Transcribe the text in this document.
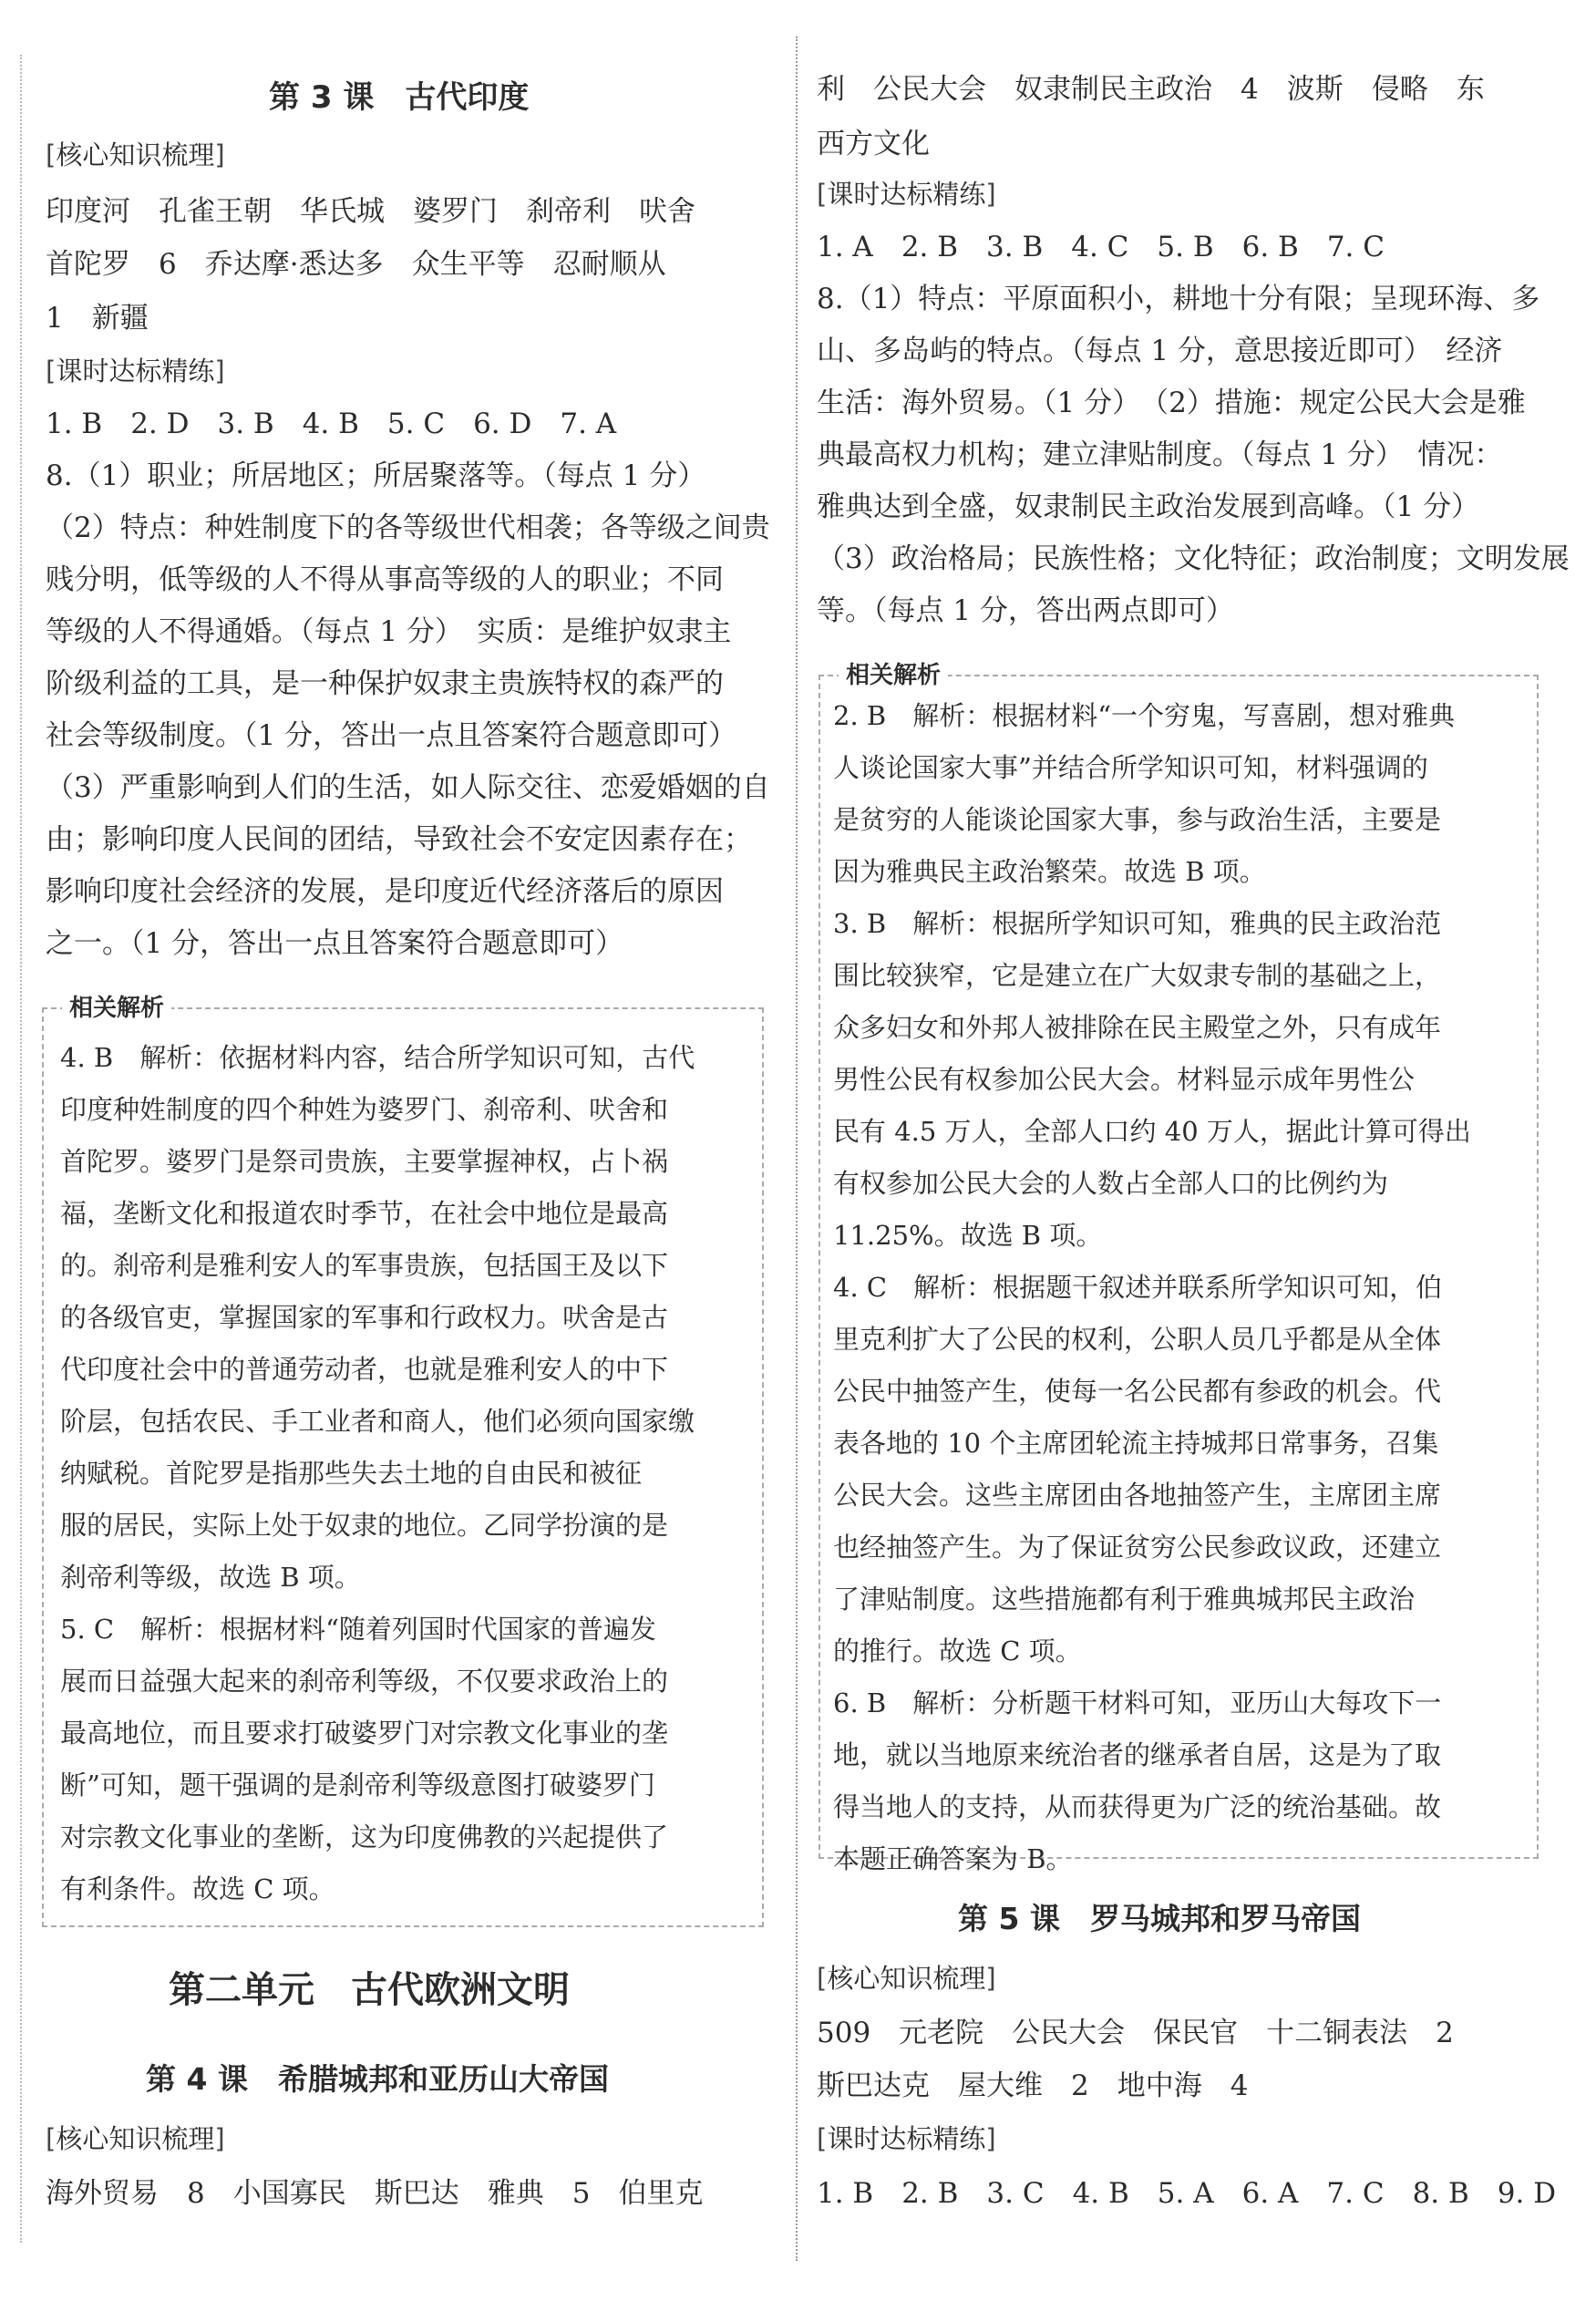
第 3 课　古代印度
[核心知识梳理]
印度河　孔雀王朝　华氏城　婆罗门　刹帝利　吠舍
首陀罗　6　乔达摩·悉达多　众生平等　忍耐顺从
1　新疆
[课时达标精练]
1. B　2. D　3. B　4. B　5. C　6. D　7. A
8.（1）职业；所居地区；所居聚落等。（每点 1 分）
（2）特点：种姓制度下的各等级世代相袭；各等级之间贵
贱分明，低等级的人不得从事高等级的人的职业；不同
等级的人不得通婚。（每点 1 分）　实质：是维护奴隶主
阶级利益的工具，是一种保护奴隶主贵族特权的森严的
社会等级制度。（1 分，答出一点且答案符合题意即可）
（3）严重影响到人们的生活，如人际交往、恋爱婚姻的自
由；影响印度人民间的团结，导致社会不安定因素存在；
影响印度社会经济的发展，是印度近代经济落后的原因
之一。（1 分，答出一点且答案符合题意即可）
相关解析
4. B　解析：依据材料内容，结合所学知识可知，古代
印度种姓制度的四个种姓为婆罗门、刹帝利、吠舍和
首陀罗。婆罗门是祭司贵族，主要掌握神权，占卜祸
福，垄断文化和报道农时季节，在社会中地位是最高
的。刹帝利是雅利安人的军事贵族，包括国王及以下
的各级官吏，掌握国家的军事和行政权力。吠舍是古
代印度社会中的普通劳动者，也就是雅利安人的中下
阶层，包括农民、手工业者和商人，他们必须向国家缴
纳赋税。首陀罗是指那些失去土地的自由民和被征
服的居民，实际上处于奴隶的地位。乙同学扮演的是
刹帝利等级，故选 B 项。
5. C　解析：根据材料“随着列国时代国家的普遍发
展而日益强大起来的刹帝利等级，不仅要求政治上的
最高地位，而且要求打破婆罗门对宗教文化事业的垄
断”可知，题干强调的是刹帝利等级意图打破婆罗门
对宗教文化事业的垄断，这为印度佛教的兴起提供了
有利条件。故选 C 项。
第二单元　古代欧洲文明
第 4 课　希腊城邦和亚历山大帝国
[核心知识梳理]
海外贸易　8　小国寡民　斯巴达　雅典　5　伯里克
利　公民大会　奴隶制民主政治　4　波斯　侵略　东
西方文化
[课时达标精练]
1. A　2. B　3. B　4. C　5. B　6. B　7. C
8.（1）特点：平原面积小，耕地十分有限；呈现环海、多
山、多岛屿的特点。（每点 1 分，意思接近即可）　经济
生活：海外贸易。（1 分）　（2）措施：规定公民大会是雅
典最高权力机构；建立津贴制度。（每点 1 分）　情况：
雅典达到全盛，奴隶制民主政治发展到高峰。（1 分）
（3）政治格局；民族性格；文化特征；政治制度；文明发展
等。（每点 1 分，答出两点即可）
相关解析
2. B　解析：根据材料“一个穷鬼，写喜剧，想对雅典
人谈论国家大事”并结合所学知识可知，材料强调的
是贫穷的人能谈论国家大事，参与政治生活，主要是
因为雅典民主政治繁荣。故选 B 项。
3. B　解析：根据所学知识可知，雅典的民主政治范
围比较狭窄，它是建立在广大奴隶专制的基础之上，
众多妇女和外邦人被排除在民主殿堂之外，只有成年
男性公民有权参加公民大会。材料显示成年男性公
民有 4.5 万人，全部人口约 40 万人，据此计算可得出
有权参加公民大会的人数占全部人口的比例约为
11.25%。故选 B 项。
4. C　解析：根据题干叙述并联系所学知识可知，伯
里克利扩大了公民的权利，公职人员几乎都是从全体
公民中抽签产生，使每一名公民都有参政的机会。代
表各地的 10 个主席团轮流主持城邦日常事务，召集
公民大会。这些主席团由各地抽签产生，主席团主席
也经抽签产生。为了保证贫穷公民参政议政，还建立
了津贴制度。这些措施都有利于雅典城邦民主政治
的推行。故选 C 项。
6. B　解析：分析题干材料可知，亚历山大每攻下一
地，就以当地原来统治者的继承者自居，这是为了取
得当地人的支持，从而获得更为广泛的统治基础。故
本题正确答案为 B。
第 5 课　罗马城邦和罗马帝国
[核心知识梳理]
509　元老院　公民大会　保民官　十二铜表法　2
斯巴达克　屋大维　2　地中海　4
[课时达标精练]
1. B　2. B　3. C　4. B　5. A　6. A　7. C　8. B　9. D
